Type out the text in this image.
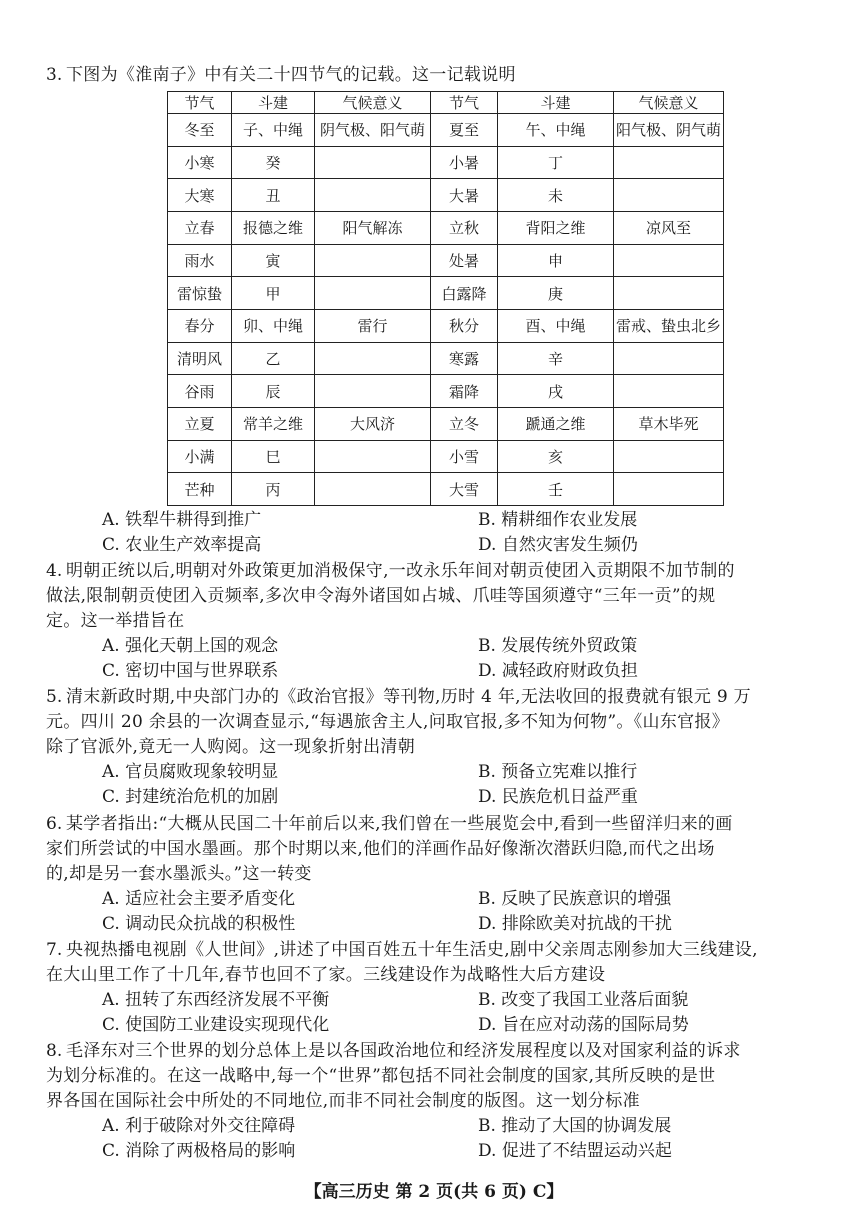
3. 下图为《淮南子》中有关二十四节气的记载。这一记载说明
节气	斗建	气候意义	节气	斗建	气候意义
冬至	子、中绳	阴气极、阳气萌	夏至	午、中绳	阳气极、阴气萌
小寒	癸		小暑	丁	
大寒	丑		大暑	未	
立春	报德之维	阳气解冻	立秋	背阳之维	凉风至
雨水	寅		处暑	申	
雷惊蛰	甲		白露降	庚	
春分	卯、中绳	雷行	秋分	酉、中绳	雷戒、蛰虫北乡
清明风	乙		寒露	辛	
谷雨	辰		霜降	戌	
立夏	常羊之维	大风济	立冬	蹏通之维	草木毕死
小满	巳		小雪	亥	
芒种	丙		大雪	壬	
A. 铁犁牛耕得到推广	B. 精耕细作农业发展
C. 农业生产效率提高	D. 自然灾害发生频仍
4. 明朝正统以后,明朝对外政策更加消极保守,一改永乐年间对朝贡使团入贡期限不加节制的
做法,限制朝贡使团入贡频率,多次申令海外诸国如占城、爪哇等国须遵守“三年一贡”的规
定。这一举措旨在
A. 强化天朝上国的观念	B. 发展传统外贸政策
C. 密切中国与世界联系	D. 减轻政府财政负担
5. 清末新政时期,中央部门办的《政治官报》等刊物,历时 4 年,无法收回的报费就有银元 9 万
元。四川 20 余县的一次调查显示,“每遇旅舍主人,问取官报,多不知为何物”。《山东官报》
除了官派外,竟无一人购阅。这一现象折射出清朝
A. 官员腐败现象较明显	B. 预备立宪难以推行
C. 封建统治危机的加剧	D. 民族危机日益严重
6. 某学者指出:“大概从民国二十年前后以来,我们曾在一些展览会中,看到一些留洋归来的画
家们所尝试的中国水墨画。那个时期以来,他们的洋画作品好像渐次潜跃归隐,而代之出场
的,却是另一套水墨派头。”这一转变
A. 适应社会主要矛盾变化	B. 反映了民族意识的增强
C. 调动民众抗战的积极性	D. 排除欧美对抗战的干扰
7. 央视热播电视剧《人世间》,讲述了中国百姓五十年生活史,剧中父亲周志刚参加大三线建设,
在大山里工作了十几年,春节也回不了家。三线建设作为战略性大后方建设
A. 扭转了东西经济发展不平衡	B. 改变了我国工业落后面貌
C. 使国防工业建设实现现代化	D. 旨在应对动荡的国际局势
8. 毛泽东对三个世界的划分总体上是以各国政治地位和经济发展程度以及对国家利益的诉求
为划分标准的。在这一战略中,每一个“世界”都包括不同社会制度的国家,其所反映的是世
界各国在国际社会中所处的不同地位,而非不同社会制度的版图。这一划分标准
A. 利于破除对外交往障碍	B. 推动了大国的协调发展
C. 消除了两极格局的影响	D. 促进了不结盟运动兴起
【高三历史 第 2 页(共 6 页) C】
